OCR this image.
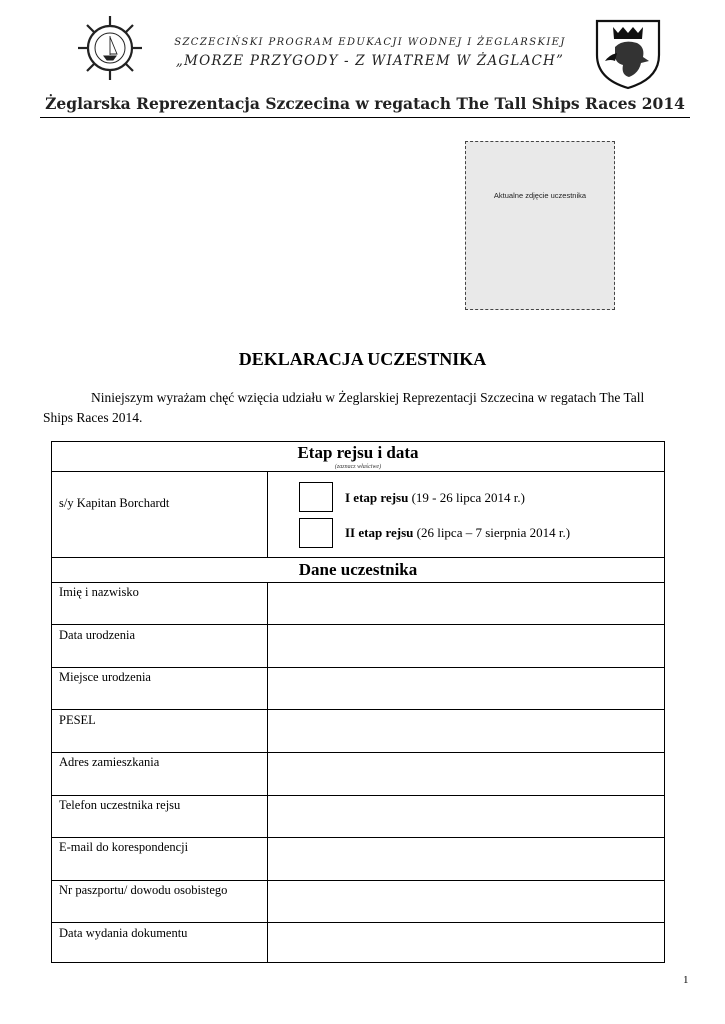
SZCZECIŃSKI PROGRAM EDUKACJI WODNEJ I ŻEGLARSKIEJ
„MORZE PRZYGODY - Z WIATREM W ŻAGLACH”
Żeglarska Reprezentacja Szczecina w regatach The Tall Ships Races 2014
Aktualne zdjęcie uczestnika
DEKLARACJA UCZESTNIKA
Niniejszym wyrażam chęć wzięcia udziału w Żeglarskiej Reprezentacji Szczecina w regatach The Tall Ships Races 2014.
Etap rejsu i data
(zaznacz właściwe)
s/y Kapitan Borchardt	I etap rejsu (19 - 26 lipca 2014 r.)
II etap rejsu (26 lipca – 7 sierpnia 2014 r.)
Dane uczestnika
Imię i nazwisko
Data urodzenia
Miejsce urodzenia
PESEL
Adres zamieszkania
Telefon uczestnika rejsu
E-mail do korespondencji
Nr paszportu/ dowodu osobistego
Data wydania dokumentu
1
